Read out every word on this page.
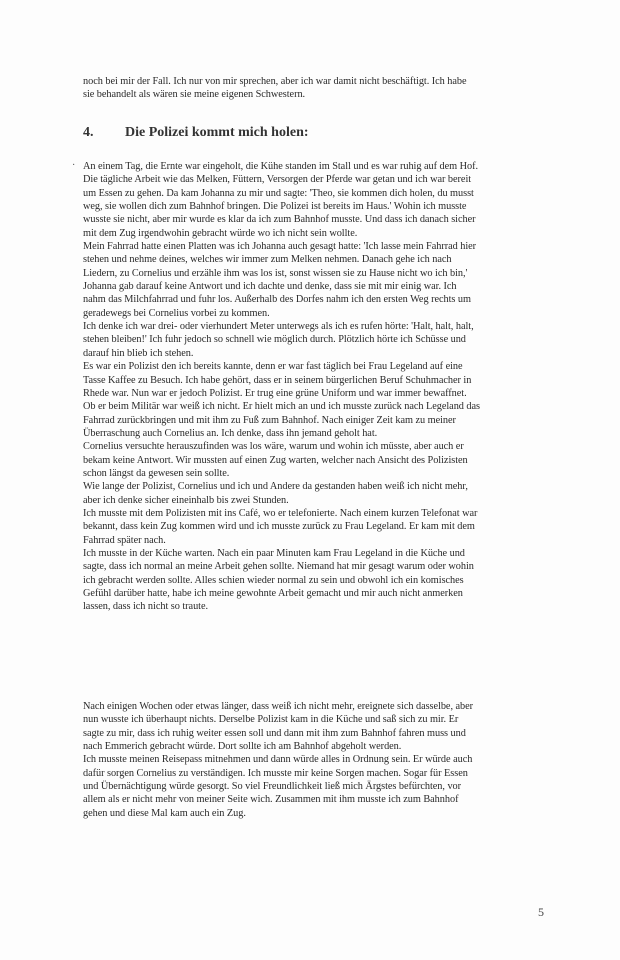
noch bei mir der Fall. Ich nur von mir sprechen, aber ich war damit nicht beschäftigt. Ich habe
sie behandelt als wären sie meine eigenen Schwestern.
4. Die Polizei kommt mich holen:
· An einem Tag, die Ernte war eingeholt, die Kühe standen im Stall und es war ruhig auf dem Hof.
Die tägliche Arbeit wie das Melken, Füttern, Versorgen der Pferde war getan und ich war bereit
um Essen zu gehen. Da kam Johanna zu mir und sagte: 'Theo, sie kommen dich holen, du musst
weg, sie wollen dich zum Bahnhof bringen. Die Polizei ist bereits im Haus.' Wohin ich musste
wusste sie nicht, aber mir wurde es klar da ich zum Bahnhof musste. Und dass ich danach sicher
mit dem Zug irgendwohin gebracht würde wo ich nicht sein wollte.
Mein Fahrrad hatte einen Platten was ich Johanna auch gesagt hatte: 'Ich lasse mein Fahrrad hier
stehen und nehme deines, welches wir immer zum Melken nehmen. Danach gehe ich nach
Liedern, zu Cornelius und erzähle ihm was los ist, sonst wissen sie zu Hause nicht wo ich bin,'
Johanna gab darauf keine Antwort und ich dachte und denke, dass sie mit mir einig war. Ich
nahm das Milchfahrrad und fuhr los. Außerhalb des Dorfes nahm ich den ersten Weg rechts um
geradewegs bei Cornelius vorbei zu kommen.
Ich denke ich war drei- oder vierhundert Meter unterwegs als ich es rufen hörte: 'Halt, halt, halt,
stehen bleiben!' Ich fuhr jedoch so schnell wie möglich durch. Plötzlich hörte ich Schüsse und
darauf hin blieb ich stehen.
Es war ein Polizist den ich bereits kannte, denn er war fast täglich bei Frau Legeland auf eine
Tasse Kaffee zu Besuch. Ich habe gehört, dass er in seinem bürgerlichen Beruf Schuhmacher in
Rhede war. Nun war er jedoch Polizist. Er trug eine grüne Uniform und war immer bewaffnet.
Ob er beim Militär war weiß ich nicht. Er hielt mich an und ich musste zurück nach Legeland das
Fahrrad zurückbringen und mit ihm zu Fuß zum Bahnhof. Nach einiger Zeit kam zu meiner
Überraschung auch Cornelius an. Ich denke, dass ihn jemand geholt hat.
Cornelius versuchte herauszufinden was los wäre, warum und wohin ich müsste, aber auch er
bekam keine Antwort. Wir mussten auf einen Zug warten, welcher nach Ansicht des Polizisten
schon längst da gewesen sein sollte.
Wie lange der Polizist, Cornelius und ich und Andere da gestanden haben weiß ich nicht mehr,
aber ich denke sicher eineinhalb bis zwei Stunden.
Ich musste mit dem Polizisten mit ins Café, wo er telefonierte. Nach einem kurzen Telefonat war
bekannt, dass kein Zug kommen wird und ich musste zurück zu Frau Legeland. Er kam mit dem
Fahrrad später nach.
Ich musste in der Küche warten. Nach ein paar Minuten kam Frau Legeland in die Küche und
sagte, dass ich normal an meine Arbeit gehen sollte. Niemand hat mir gesagt warum oder wohin
ich gebracht werden sollte. Alles schien wieder normal zu sein und obwohl ich ein komisches
Gefühl darüber hatte, habe ich meine gewohnte Arbeit gemacht und mir auch nicht anmerken
lassen, dass ich nicht so traute.
Nach einigen Wochen oder etwas länger, dass weiß ich nicht mehr, ereignete sich dasselbe, aber
nun wusste ich überhaupt nichts. Derselbe Polizist kam in die Küche und saß sich zu mir. Er
sagte zu mir, dass ich ruhig weiter essen soll und dann mit ihm zum Bahnhof fahren muss und
nach Emmerich gebracht würde. Dort sollte ich am Bahnhof abgeholt werden.
Ich musste meinen Reisepass mitnehmen und dann würde alles in Ordnung sein. Er würde auch
dafür sorgen Cornelius zu verständigen. Ich musste mir keine Sorgen machen. Sogar für Essen
und Übernächtigung würde gesorgt. So viel Freundlichkeit ließ mich Ärgstes befürchten, vor
allem als er nicht mehr von meiner Seite wich. Zusammen mit ihm musste ich zum Bahnhof
gehen und diese Mal kam auch ein Zug.
5
